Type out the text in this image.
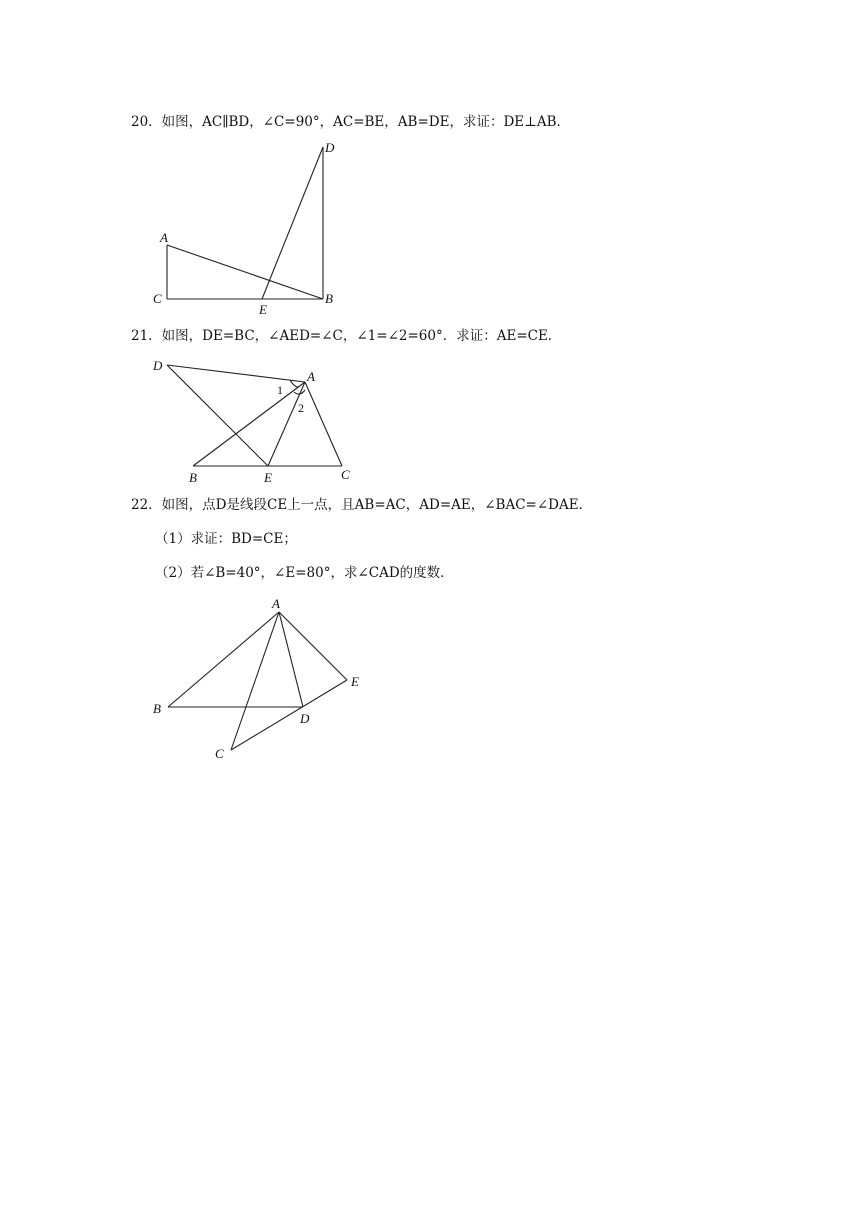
20．如图，AC∥BD，∠C=90°，AC=BE，AB=DE，求证：DE⊥AB．
D
A
C
E
B
21．如图，DE=BC，∠AED=∠C，∠1=∠2=60°．求证：AE=CE．
D
A
1
2
B	E	C
22．如图，点D是线段CE上一点，且AB=AC，AD=AE，∠BAC=∠DAE．
（1）求证：BD=CE；
（2）若∠B=40°，∠E=80°，求∠CAD的度数．
A
E
B
D
C
